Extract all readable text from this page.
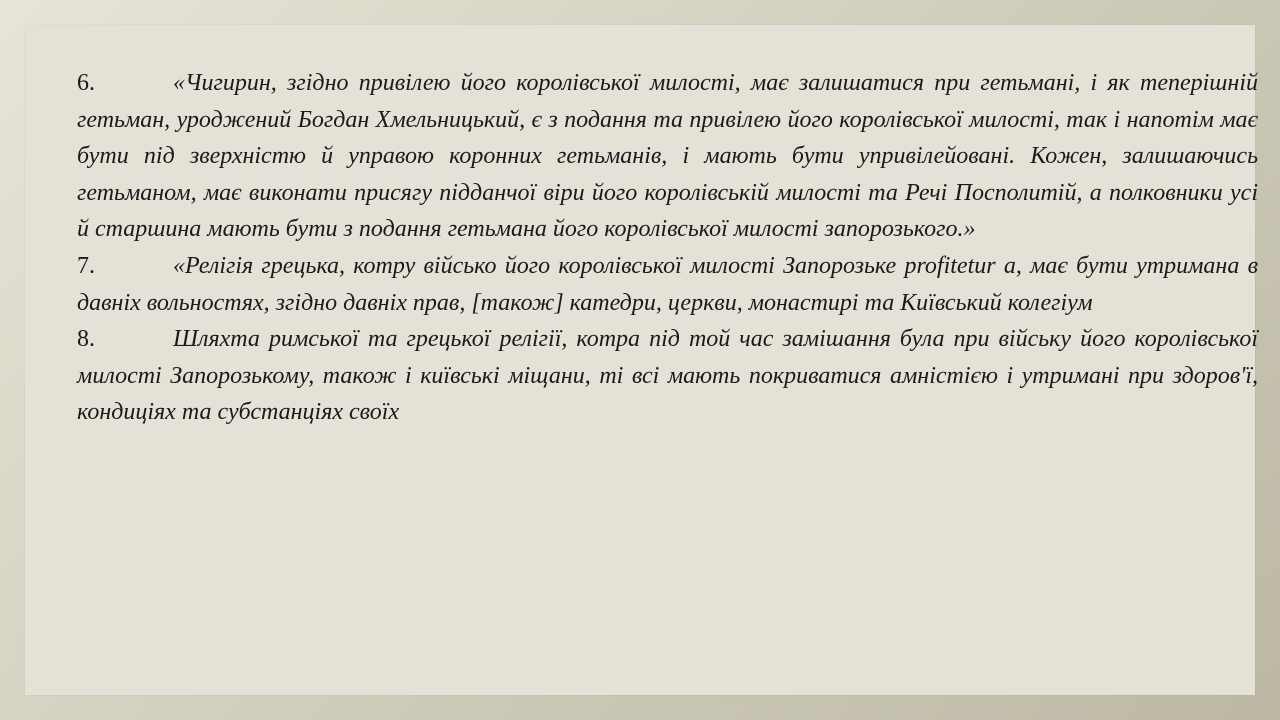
6.	«Чигирин, згідно привілею його королівської милості, має залишатися при гетьмані, і як теперішній гетьман, уроджений Богдан Хмельницький, є з подання та привілею його королівської милості, так і напотім має бути під зверхністю й управою коронних гетьманів, і мають бути упривілейовані. Кожен, залишаючись гетьманом, має виконати присягу підданчої віри його королівській милості та Речі Посполитій, а полковники усі й старшина мають бути з подання гетьмана його королівської милості запорозького.»

7.	«Релігія грецька, котру військо його королівської милості Запорозьке profitetur а, має бути утримана в давніх вольностях, згідно давніх прав, [також] катедри, церкви, монастирі та Київський колегіум

8.	Шляхта римської та грецької релігії, котра під той час замішання була при війську його королівської милості Запорозькому, також і київські міщани, ті всі мають покриватися амністією і утримані при здоров'ї, кондиціях та субстанціях своїх
